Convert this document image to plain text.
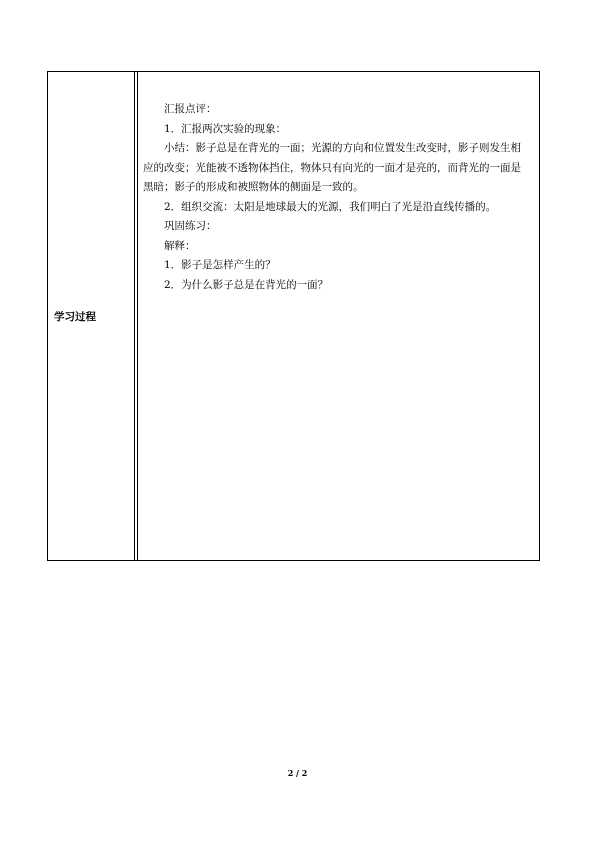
学习过程

汇报点评：

1．汇报两次实验的现象：

小结：影子总是在背光的一面；光源的方向和位置发生改变时，影子则发生相应的改变；光能被不透物体挡住，物体只有向光的一面才是亮的，而背光的一面是黑暗；影子的形成和被照物体的侧面是一致的。

2．组织交流：太阳是地球最大的光源，我们明白了光是沿直线传播的。

巩固练习：

解释：

1．影子是怎样产生的？

2．为什么影子总是在背光的一面？

2 / 2
